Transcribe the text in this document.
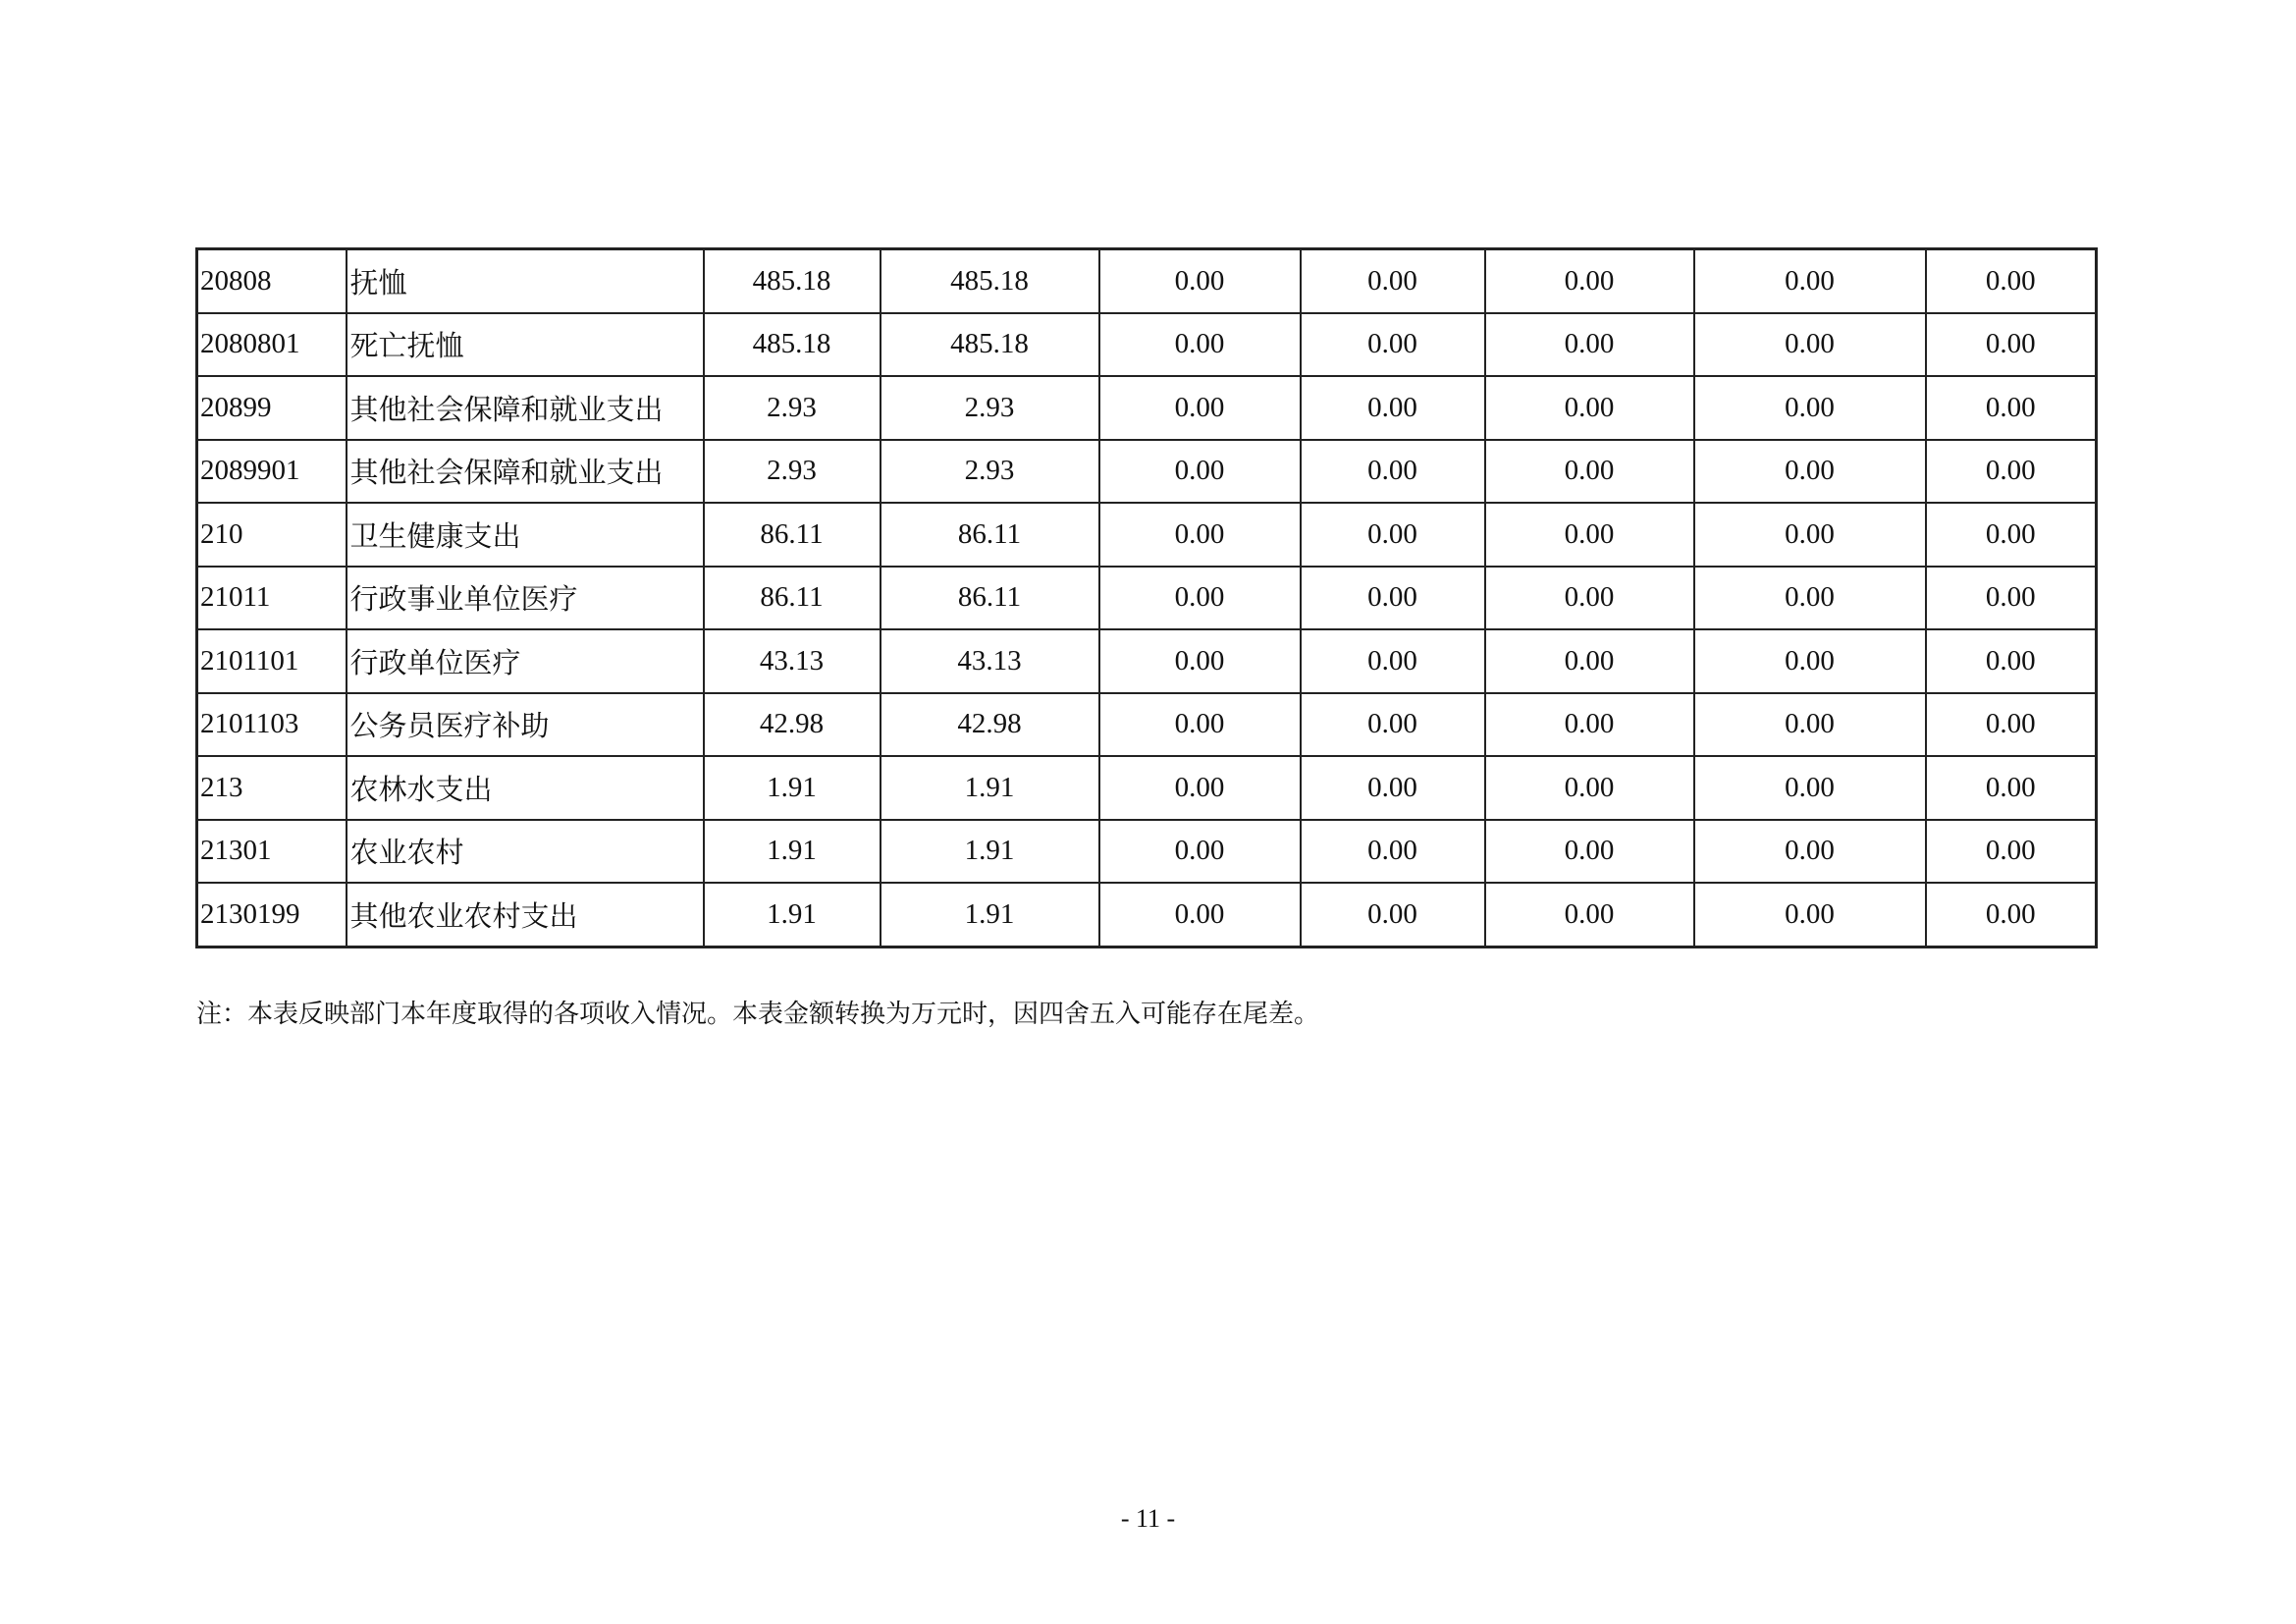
20808	抚恤	485.18	485.18	0.00	0.00	0.00	0.00	0.00
2080801	死亡抚恤	485.18	485.18	0.00	0.00	0.00	0.00	0.00
20899	其他社会保障和就业支出	2.93	2.93	0.00	0.00	0.00	0.00	0.00
2089901	其他社会保障和就业支出	2.93	2.93	0.00	0.00	0.00	0.00	0.00
210	卫生健康支出	86.11	86.11	0.00	0.00	0.00	0.00	0.00
21011	行政事业单位医疗	86.11	86.11	0.00	0.00	0.00	0.00	0.00
2101101	行政单位医疗	43.13	43.13	0.00	0.00	0.00	0.00	0.00
2101103	公务员医疗补助	42.98	42.98	0.00	0.00	0.00	0.00	0.00
213	农林水支出	1.91	1.91	0.00	0.00	0.00	0.00	0.00
21301	农业农村	1.91	1.91	0.00	0.00	0.00	0.00	0.00
2130199	其他农业农村支出	1.91	1.91	0.00	0.00	0.00	0.00	0.00
注：本表反映部门本年度取得的各项收入情况。本表金额转换为万元时，因四舍五入可能存在尾差。
- 11 -
